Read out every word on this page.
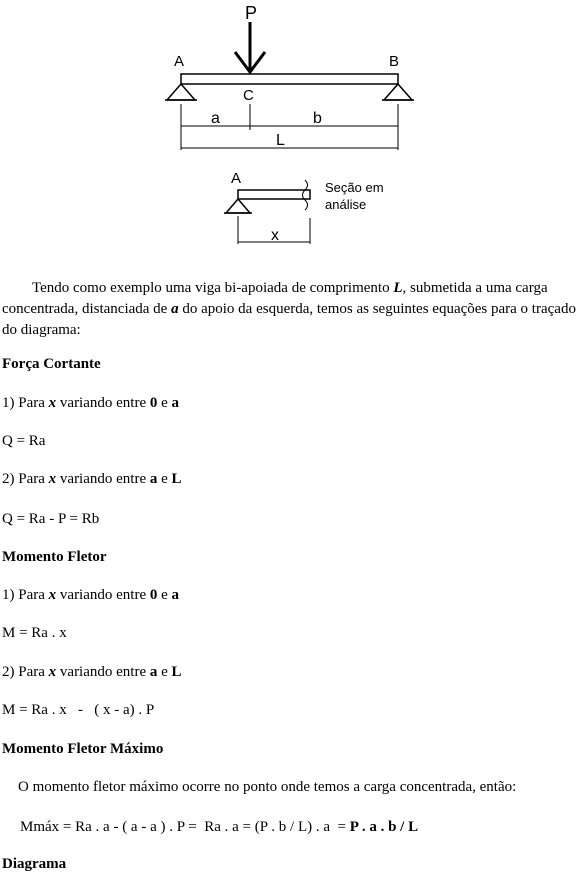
P
A	B
C
a	b
L
A
x
Seção em
análise
Tendo como exemplo uma viga bi-apoiada de comprimento L, submetida a uma carga concentrada, distanciada de a do apoio da esquerda, temos as seguintes equações para o traçado do diagrama:
Força Cortante
1) Para x variando entre 0 e a
Q = Ra
2) Para x variando entre a e L
Q = Ra - P = Rb
Momento Fletor
1) Para x variando entre 0 e a
M = Ra . x
2) Para x variando entre a e L
M = Ra . x   -   ( x - a) . P
Momento Fletor Máximo
O momento fletor máximo ocorre no ponto onde temos a carga concentrada, então:
Mmáx = Ra . a - ( a - a ) . P =  Ra . a = (P . b / L) . a  = P . a . b / L
Diagrama
